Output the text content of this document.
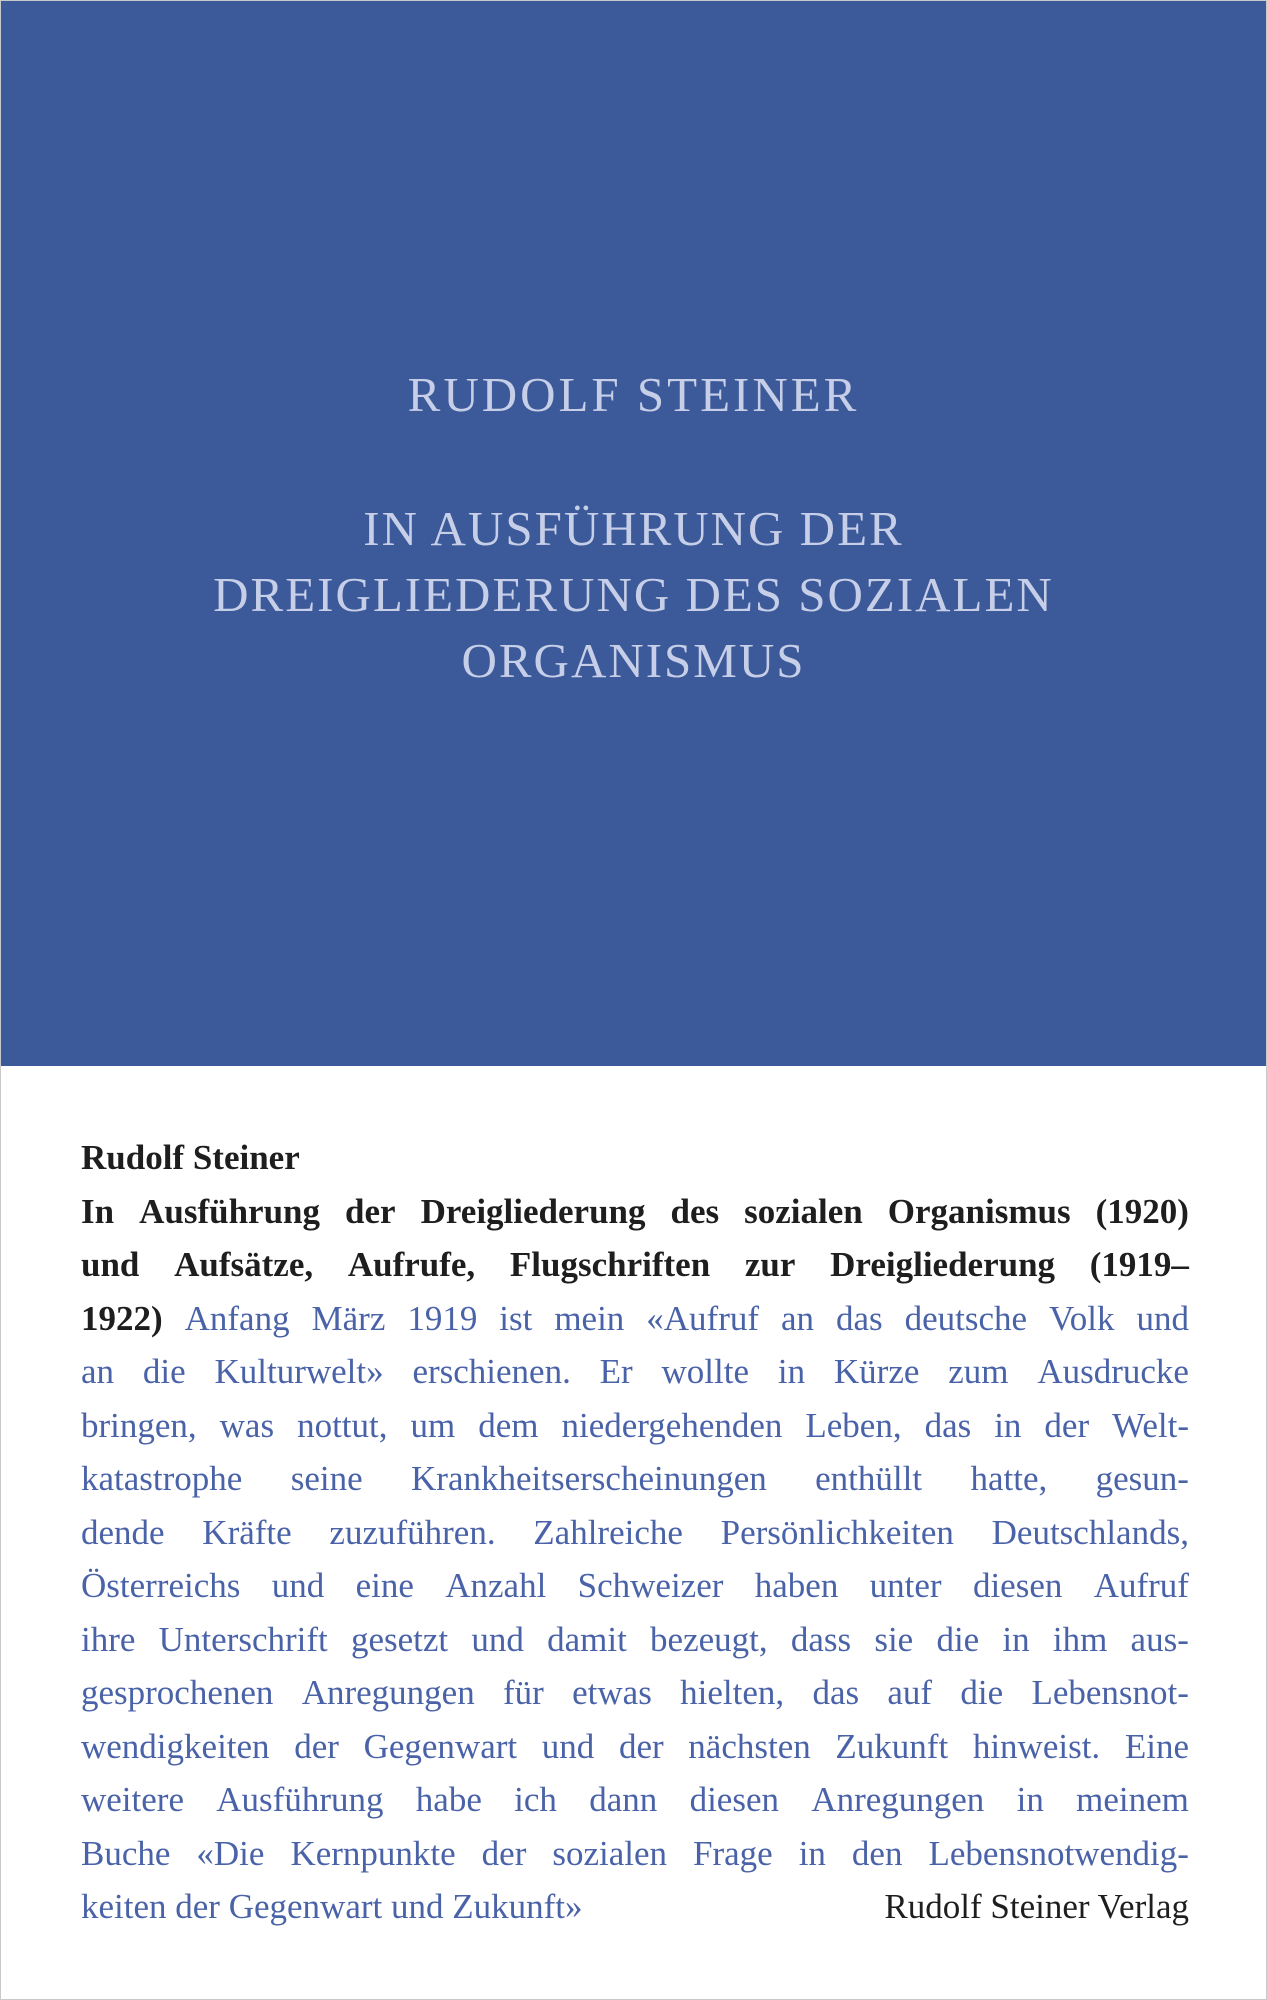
RUDOLF STEINER
IN AUSFÜHRUNG DER
DREIGLIEDERUNG DES SOZIALEN
ORGANISMUS
Rudolf Steiner
In Ausführung der Dreigliederung des sozialen Organismus (1920)
und Aufsätze, Aufrufe, Flugschriften zur Dreigliederung (1919–
1922) Anfang März 1919 ist mein «Aufruf an das deutsche Volk und
an die Kulturwelt» erschienen. Er wollte in Kürze zum Ausdrucke
bringen, was nottut, um dem niedergehenden Leben, das in der Welt-
katastrophe seine Krankheitserscheinungen enthüllt hatte, gesun-
dende Kräfte zuzuführen. Zahlreiche Persönlichkeiten Deutschlands,
Österreichs und eine Anzahl Schweizer haben unter diesen Aufruf
ihre Unterschrift gesetzt und damit bezeugt, dass sie die in ihm aus-
gesprochenen Anregungen für etwas hielten, das auf die Lebensnot-
wendigkeiten der Gegenwart und der nächsten Zukunft hinweist. Eine
weitere Ausführung habe ich dann diesen Anregungen in meinem
Buche «Die Kernpunkte der sozialen Frage in den Lebensnotwendig-
keiten der Gegenwart und Zukunft»	Rudolf Steiner Verlag
